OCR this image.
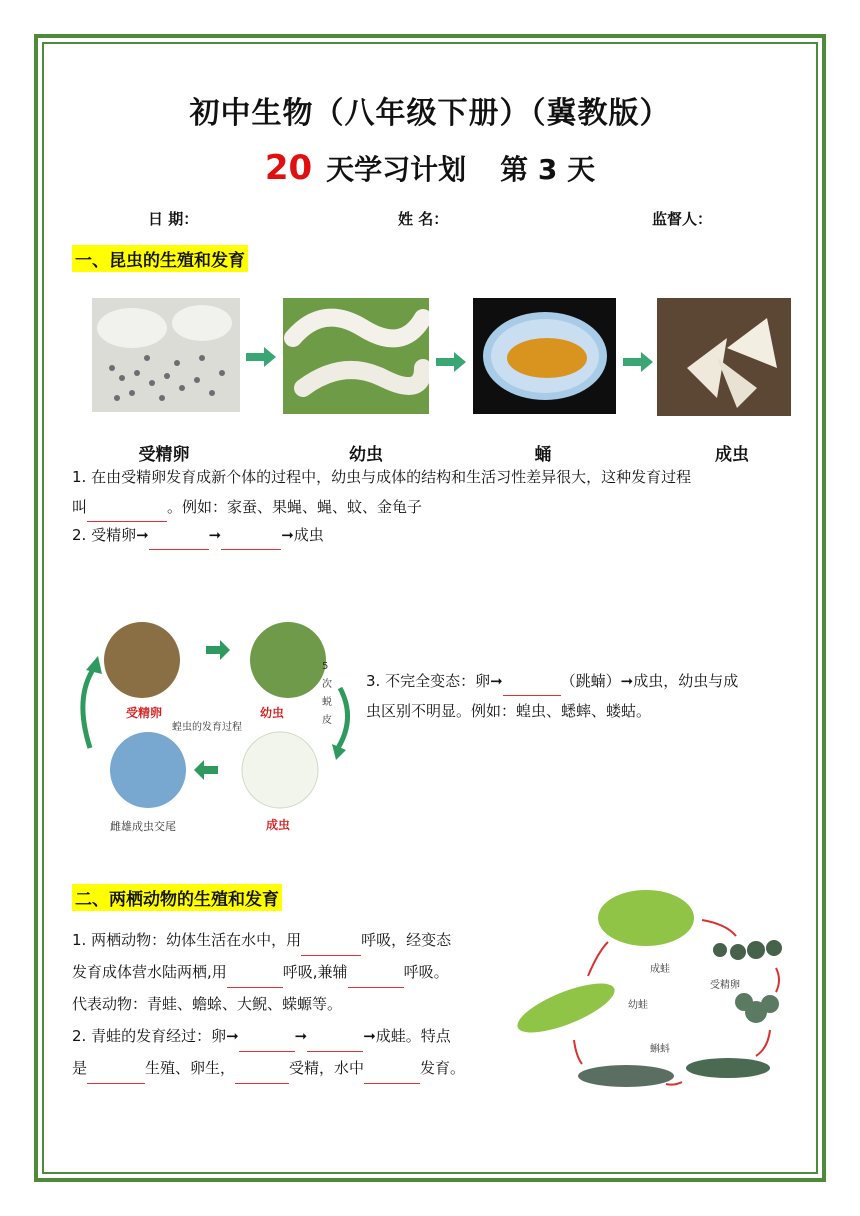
初中生物（八年级下册）（冀教版）
20 天学习计划 第 3 天
日 期：	姓 名：	监督人：
一、昆虫的生殖和发育
受精卵	幼虫	蛹	成虫
1. 在由受精卵发育成新个体的过程中，幼虫与成体的结构和生活习性差异很大，这种发育过程
叫	。例如：家蚕、果蝇、蝇、蚊、金龟子
2. 受精卵➞	➞	➞成虫
受精卵	幼虫
蝗虫的发育过程
5次蜕皮
雌雄成虫交尾	成虫
3. 不完全变态：卵➞	（跳蝻）➞成虫，幼虫与成
虫区别不明显。例如：蝗虫、蟋蟀、蝼蛄。
二、两栖动物的生殖和发育
1. 两栖动物：幼体生活在水中，用	呼吸，经变态
发育成体营水陆两栖,用	呼吸,兼辅	呼吸。
代表动物：青蛙、蟾蜍、大鲵、蝾螈等。
2. 青蛙的发育经过：卵➞	➞	➞成蛙。特点
是	生殖、卵生，	受精，水中	发育。
成蛙
受精卵
幼蛙
蝌蚪
